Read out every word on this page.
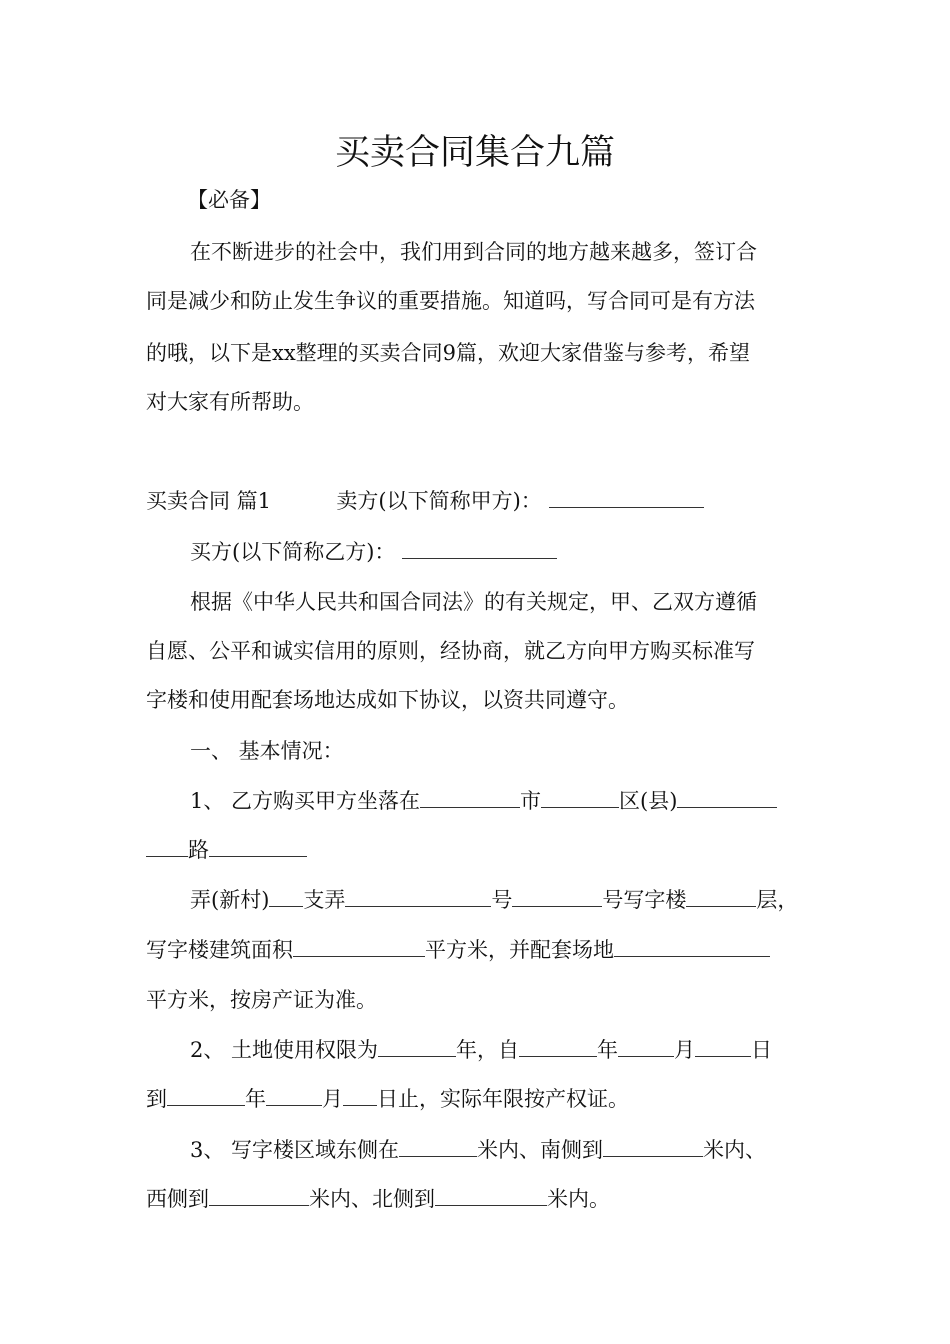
买卖合同集合九篇
【必备】
在不断进步的社会中，我们用到合同的地方越来越多，签订合
同是减少和防止发生争议的重要措施。知道吗，写合同可是有方法
的哦，以下是xx整理的买卖合同9篇，欢迎大家借鉴与参考，希望
对大家有所帮助。
买卖合同 篇1	卖方(以下简称甲方)：
买方(以下简称乙方)：
根据《中华人民共和国合同法》的有关规定，甲、乙双方遵循
自愿、公平和诚实信用的原则，经协商，就乙方向甲方购买标准写
字楼和使用配套场地达成如下协议，以资共同遵守。
一、 基本情况：
1、 乙方购买甲方坐落在	市	区(县)
路
弄(新村) 支弄	号	号写字楼	层，
写字楼建筑面积	平方米，并配套场地
平方米，按房产证为准。
2、 土地使用权限为	年，自	年	月	日
到	年	月 日止，实际年限按产权证。
3、 写字楼区域东侧在	米内、南侧到	米内、
西侧到	米内、北侧到	米内。
